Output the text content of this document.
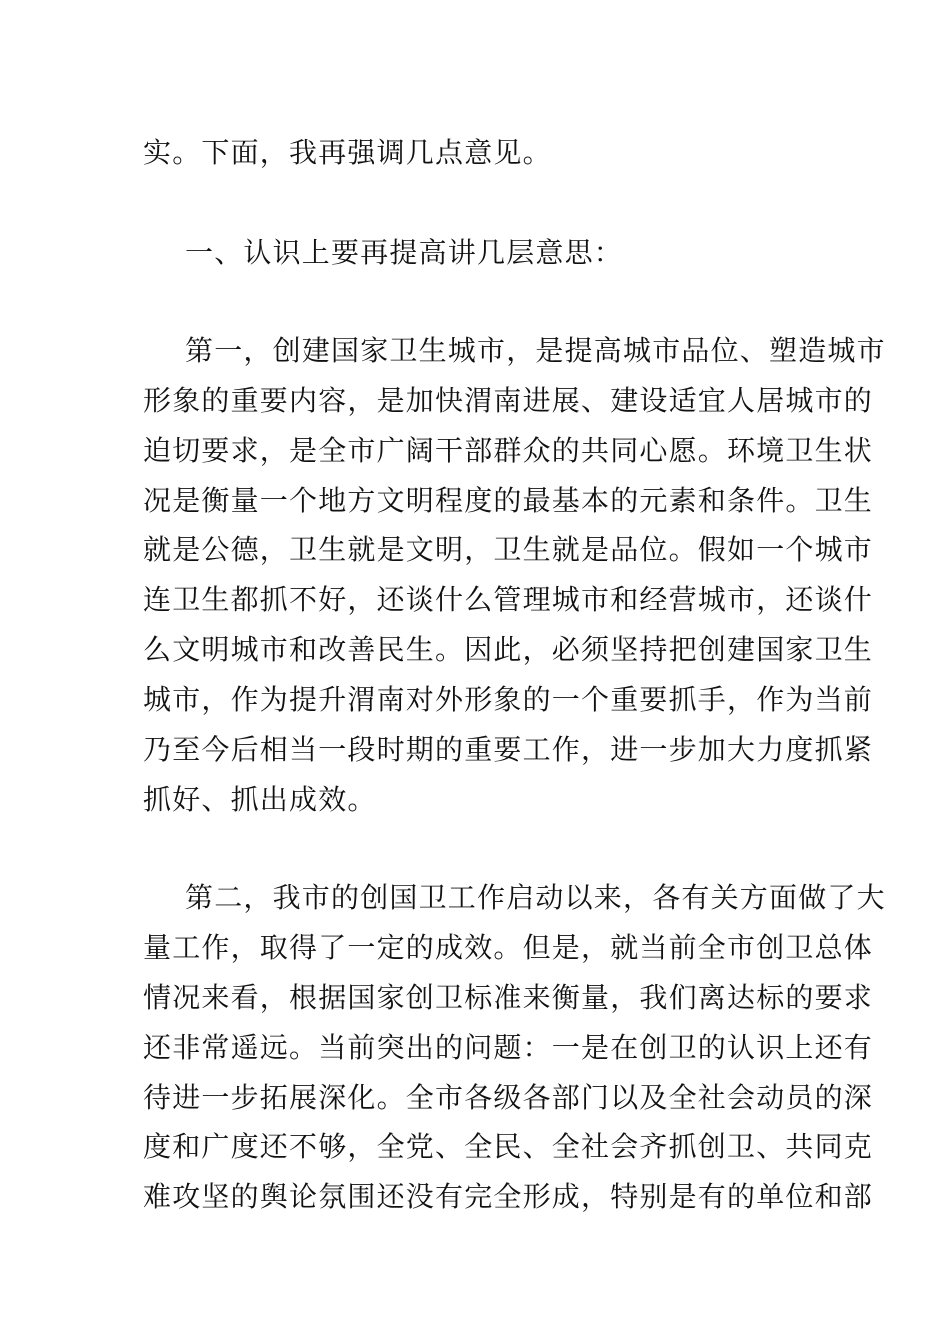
实。下面，我再强调几点意见。
一、认识上要再提高讲几层意思：
第一，创建国家卫生城市，是提高城市品位、塑造城市
形象的重要内容，是加快渭南进展、建设适宜人居城市的
迫切要求，是全市广阔干部群众的共同心愿。环境卫生状
况是衡量一个地方文明程度的最基本的元素和条件。卫生
就是公德，卫生就是文明，卫生就是品位。假如一个城市
连卫生都抓不好，还谈什么管理城市和经营城市，还谈什
么文明城市和改善民生。因此，必须坚持把创建国家卫生
城市，作为提升渭南对外形象的一个重要抓手，作为当前
乃至今后相当一段时期的重要工作，进一步加大力度抓紧
抓好、抓出成效。
第二，我市的创国卫工作启动以来，各有关方面做了大
量工作，取得了一定的成效。但是，就当前全市创卫总体
情况来看，根据国家创卫标准来衡量，我们离达标的要求
还非常遥远。当前突出的问题：一是在创卫的认识上还有
待进一步拓展深化。全市各级各部门以及全社会动员的深
度和广度还不够，全党、全民、全社会齐抓创卫、共同克
难攻坚的舆论氛围还没有完全形成，特别是有的单位和部
